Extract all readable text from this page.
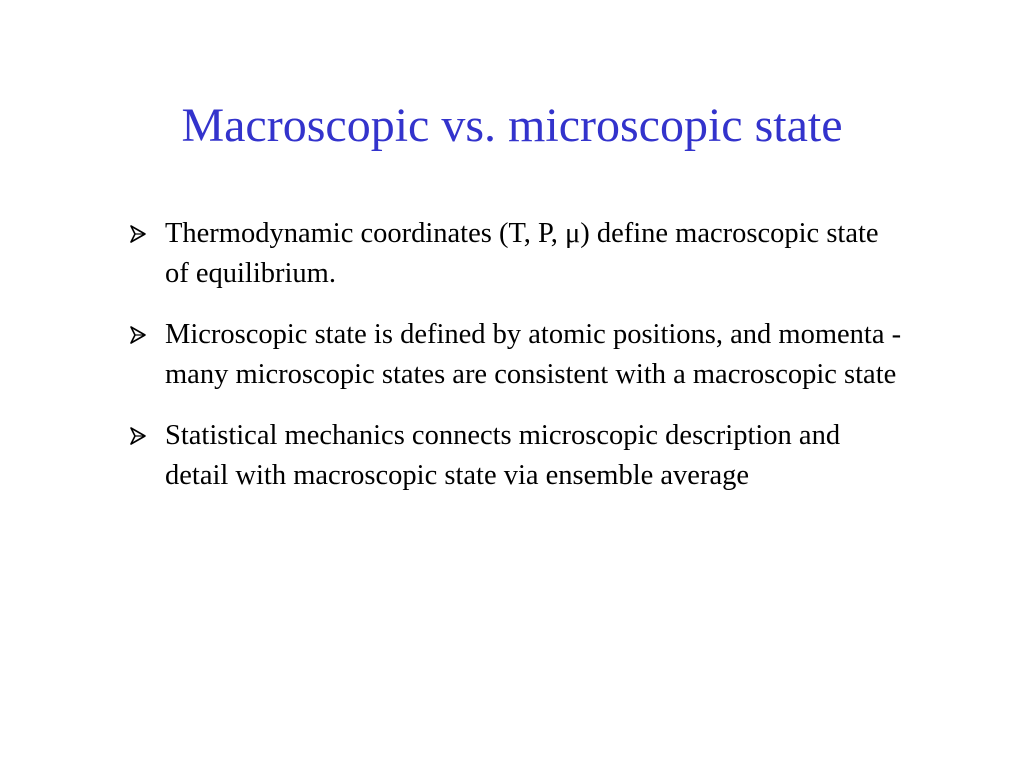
Macroscopic vs. microscopic state
Thermodynamic coordinates (T, P, μ) define macroscopic state of equilibrium.
Microscopic state is defined by atomic positions, and momenta - many microscopic states are consistent with a macroscopic state
Statistical mechanics connects microscopic description and detail with macroscopic state via ensemble average
